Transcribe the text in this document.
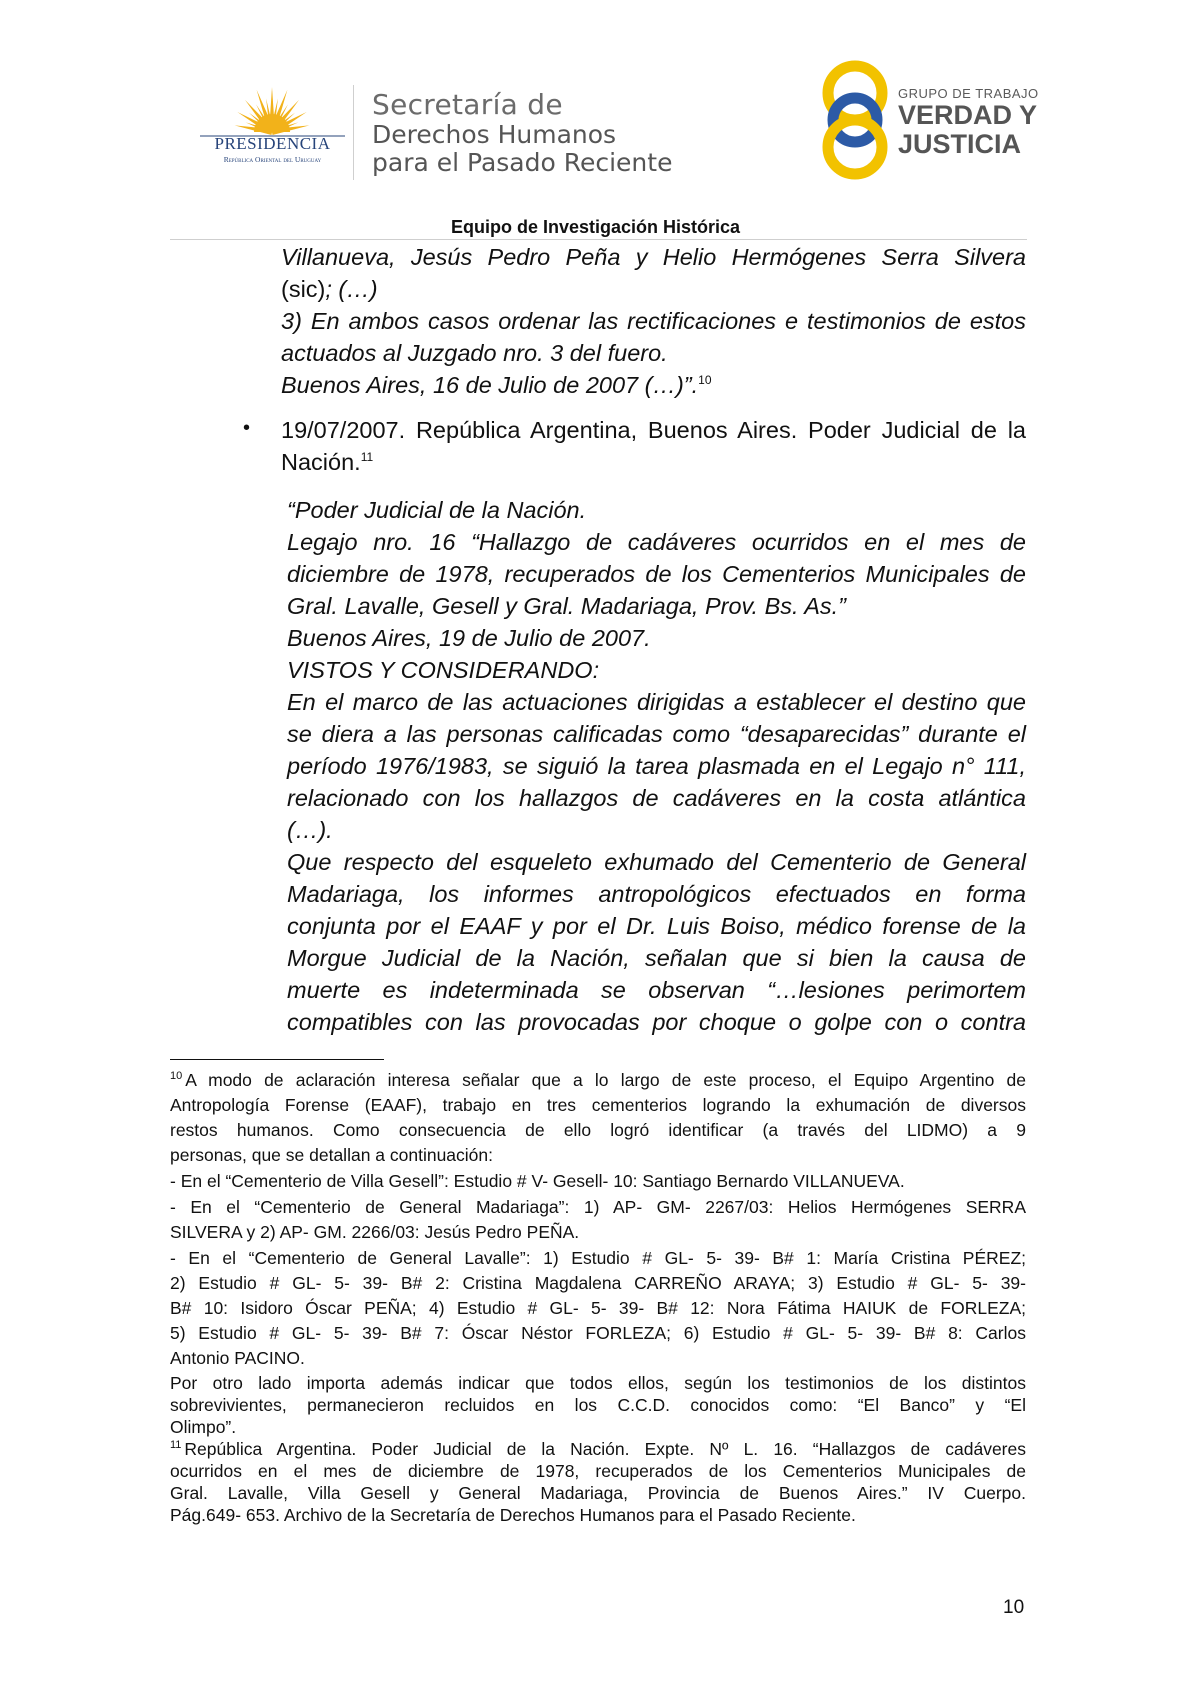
PRESIDENCIA
República Oriental del Uruguay
Secretaría de
Derechos Humanos
para el Pasado Reciente
GRUPO DE TRABAJO
VERDAD Y
JUSTICIA
Equipo de Investigación Histórica
Villanueva, Jesús Pedro Peña y Helio Hermógenes Serra Silvera
(sic); (…)
3) En ambos casos ordenar las rectificaciones e testimonios de estos
actuados al Juzgado nro. 3 del fuero.
Buenos Aires, 16 de Julio de 2007 (…)”.$^{10}$
• 19/07/2007. República Argentina, Buenos Aires. Poder Judicial de la
Nación.$^{11}$
“Poder Judicial de la Nación.
Legajo nro. 16 “Hallazgo de cadáveres ocurridos en el mes de
diciembre de 1978, recuperados de los Cementerios Municipales de
Gral. Lavalle, Gesell y Gral. Madariaga, Prov. Bs. As.”
Buenos Aires, 19 de Julio de 2007.
VISTOS Y CONSIDERANDO:
En el marco de las actuaciones dirigidas a establecer el destino que
se diera a las personas calificadas como “desaparecidas” durante el
período 1976/1983, se siguió la tarea plasmada en el Legajo n° 111,
relacionado con los hallazgos de cadáveres en la costa atlántica
(…).
Que respecto del esqueleto exhumado del Cementerio de General
Madariaga, los informes antropológicos efectuados en forma
conjunta por el EAAF y por el Dr. Luis Boiso, médico forense de la
Morgue Judicial de la Nación, señalan que si bien la causa de
muerte es indeterminada se observan “…lesiones perimortem
compatibles con las provocadas por choque o golpe con o contra
$^{10}$ A modo de aclaración interesa señalar que a lo largo de este proceso, el Equipo Argentino de
Antropología Forense (EAAF), trabajo en tres cementerios logrando la exhumación de diversos
restos humanos. Como consecuencia de ello logró identificar (a través del LIDMO) a 9
personas, que se detallan a continuación:
- En el “Cementerio de Villa Gesell”: Estudio # V- Gesell- 10: Santiago Bernardo VILLANUEVA.
- En el “Cementerio de General Madariaga”: 1) AP- GM- 2267/03: Helios Hermógenes SERRA
SILVERA y 2) AP- GM. 2266/03: Jesús Pedro PEÑA.
- En el “Cementerio de General Lavalle”: 1) Estudio # GL- 5- 39- B# 1: María Cristina PÉREZ;
2) Estudio # GL- 5- 39- B# 2: Cristina Magdalena CARREÑO ARAYA; 3) Estudio # GL- 5- 39-
B# 10: Isidoro Óscar PEÑA; 4) Estudio # GL- 5- 39- B# 12: Nora Fátima HAIUK de FORLEZA;
5) Estudio # GL- 5- 39- B# 7: Óscar Néstor FORLEZA; 6) Estudio # GL- 5- 39- B# 8: Carlos
Antonio PACINO.
Por otro lado importa además indicar que todos ellos, según los testimonios de los distintos
sobrevivientes, permanecieron recluidos en los C.C.D. conocidos como: “El Banco” y “El
Olimpo”.
$^{11}$ República Argentina. Poder Judicial de la Nación. Expte. Nº L. 16. “Hallazgos de cadáveres
ocurridos en el mes de diciembre de 1978, recuperados de los Cementerios Municipales de
Gral. Lavalle, Villa Gesell y General Madariaga, Provincia de Buenos Aires.” IV Cuerpo.
Pág.649- 653. Archivo de la Secretaría de Derechos Humanos para el Pasado Reciente.
10
